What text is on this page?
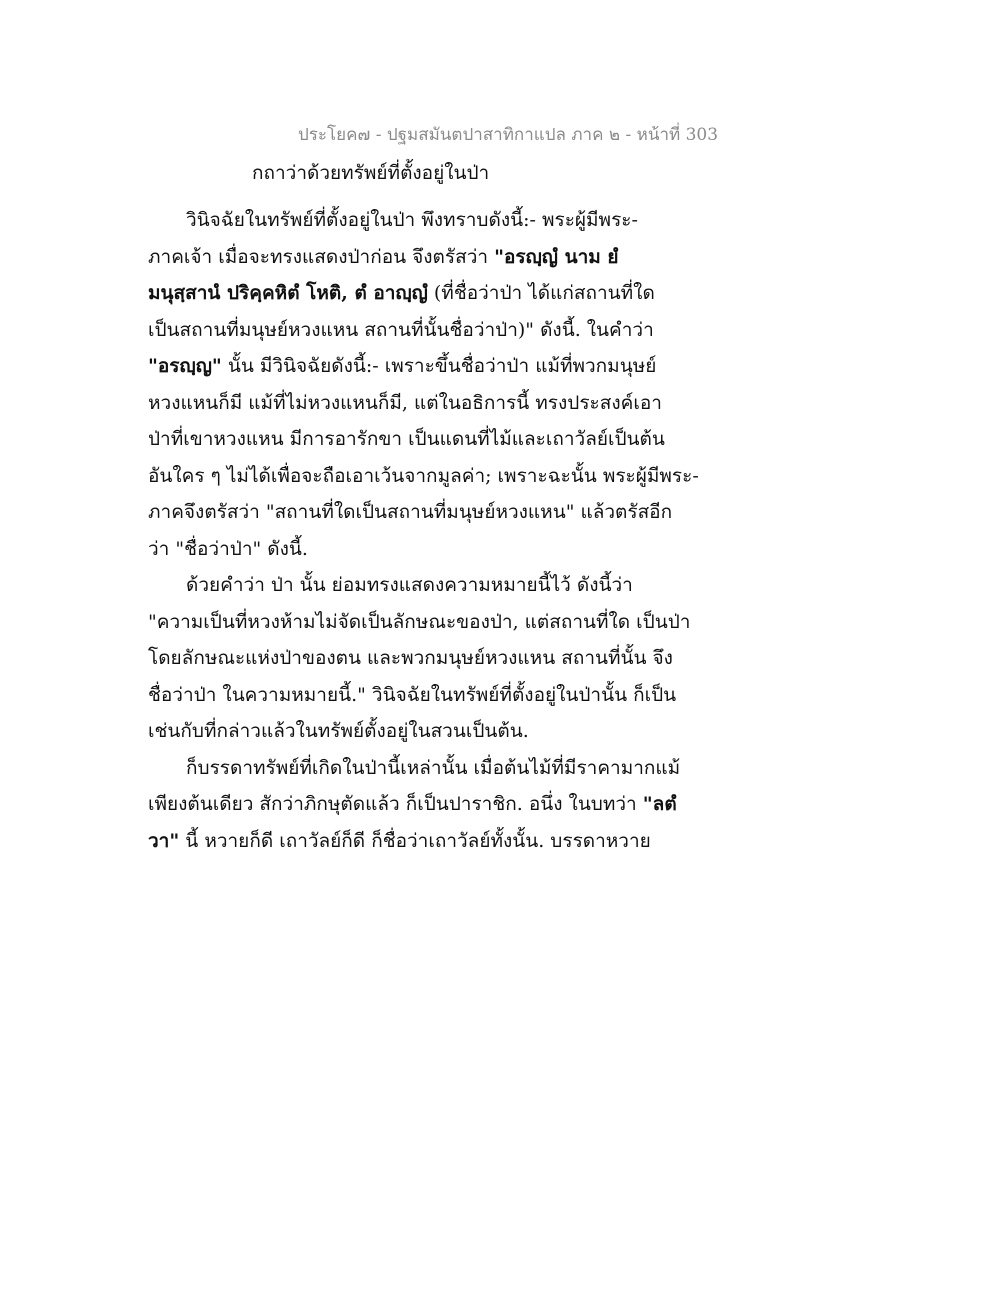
ประโยค๗ - ปฐมสมันตปาสาทิกาแปล ภาค ๒ - หน้าที่ 303
กถาว่าด้วยทรัพย์ที่ตั้งอยู่ในป่า
วินิจฉัยในทรัพย์ที่ตั้งอยู่ในป่า พึงทราบดังนี้:- พระผู้มีพระ-
ภาคเจ้า เมื่อจะทรงแสดงป่าก่อน จึงตรัสว่า "อรญฺญํ นาม ยํ
มนุสฺสานํ ปริคฺคหิตํ โหติ, ตํ อาญฺญํ (ที่ชื่อว่าป่า ได้แก่สถานที่ใด
เป็นสถานที่มนุษย์หวงแหน สถานที่นั้นชื่อว่าป่า)" ดังนี้. ในคำว่า
"อรญฺญ" นั้น มีวินิจฉัยดังนี้:- เพราะขึ้นชื่อว่าป่า แม้ที่พวกมนุษย์
หวงแหนก็มี แม้ที่ไม่หวงแหนก็มี, แต่ในอธิการนี้ ทรงประสงค์เอา
ป่าที่เขาหวงแหน มีการอารักขา เป็นแดนที่ไม้และเถาวัลย์เป็นต้น
อันใคร ๆ ไม่ได้เพื่อจะถือเอาเว้นจากมูลค่า; เพราะฉะนั้น พระผู้มีพระ-
ภาคจึงตรัสว่า "สถานที่ใดเป็นสถานที่มนุษย์หวงแหน" แล้วตรัสอีก
ว่า "ชื่อว่าป่า" ดังนี้.
ด้วยคำว่า ป่า นั้น ย่อมทรงแสดงความหมายนี้ไว้ ดังนี้ว่า
"ความเป็นที่หวงห้ามไม่จัดเป็นลักษณะของป่า, แต่สถานที่ใด เป็นป่า
โดยลักษณะแห่งป่าของตน และพวกมนุษย์หวงแหน สถานที่นั้น จึง
ชื่อว่าป่า ในความหมายนี้." วินิจฉัยในทรัพย์ที่ตั้งอยู่ในป่านั้น ก็เป็น
เช่นกับที่กล่าวแล้วในทรัพย์ตั้งอยู่ในสวนเป็นต้น.
ก็บรรดาทรัพย์ที่เกิดในป่านี้เหล่านั้น เมื่อต้นไม้ที่มีราคามากแม้
เพียงต้นเดียว สักว่าภิกษุตัดแล้ว ก็เป็นปาราชิก. อนึ่ง ในบทว่า "ลตํ
วา" นี้ หวายก็ดี เถาวัลย์ก็ดี ก็ชื่อว่าเถาวัลย์ทั้งนั้น. บรรดาหวาย
